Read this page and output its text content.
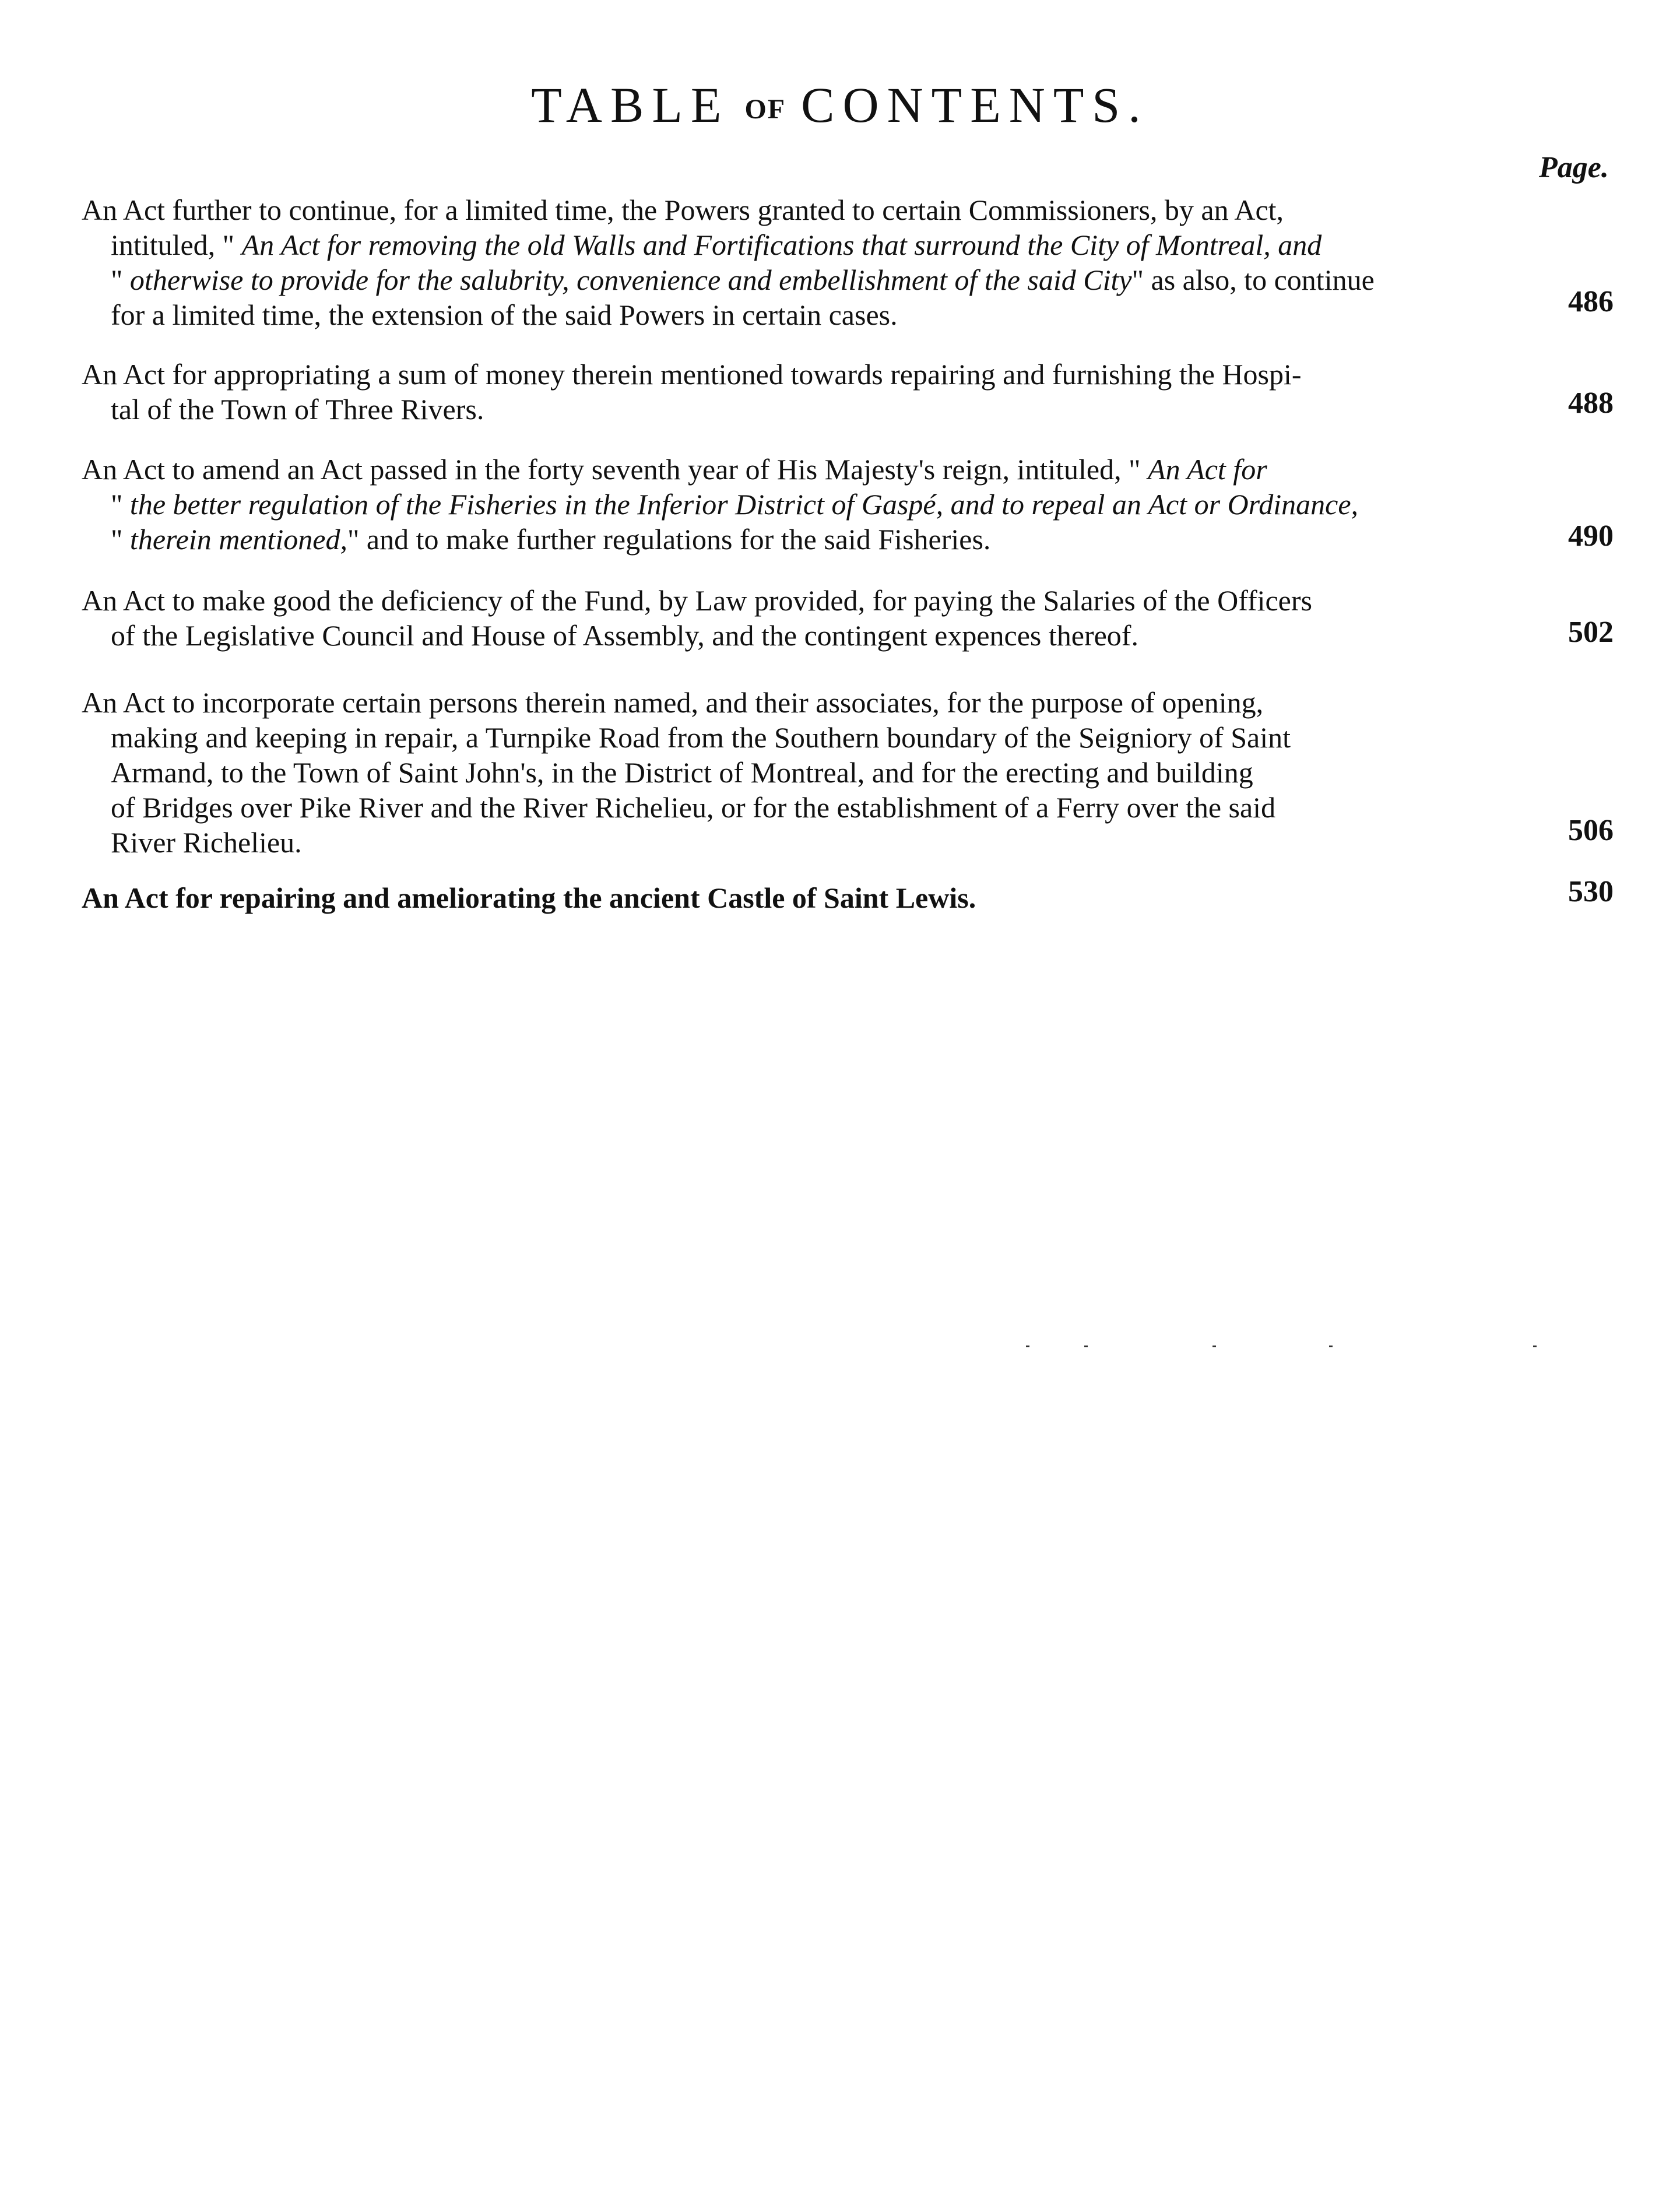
TABLE OF CONTENTS.
Page.
An Act further to continue, for a limited time, the Powers granted to certain Commissioners, by an Act,
intituled, " An Act for removing the old Walls and Fortifications that surround the City of Montreal, and
" otherwise to provide for the salubrity, convenience and embellishment of the said City" as also, to continue
for a limited time, the extension of the said Powers in certain cases.	486
An Act for appropriating a sum of money therein mentioned towards repairing and furnishing the Hospi-
tal of the Town of Three Rivers.	488
An Act to amend an Act passed in the forty seventh year of His Majesty's reign, intituled, " An Act for
" the better regulation of the Fisheries in the Inferior District of Gaspé, and to repeal an Act or Ordinance,
" therein mentioned," and to make further regulations for the said Fisheries.	490
An Act to make good the deficiency of the Fund, by Law provided, for paying the Salaries of the Officers
of the Legislative Council and House of Assembly, and the contingent expences thereof.	502
An Act to incorporate certain persons therein named, and their associates, for the purpose of opening,
making and keeping in repair, a Turnpike Road from the Southern boundary of the Seigniory of Saint
Armand, to the Town of Saint John's, in the District of Montreal, and for the erecting and building
of Bridges over Pike River and the River Richelieu, or for the establishment of a Ferry over the said
River Richelieu.	506
An Act for repairing and ameliorating the ancient Castle of Saint Lewis.	530
